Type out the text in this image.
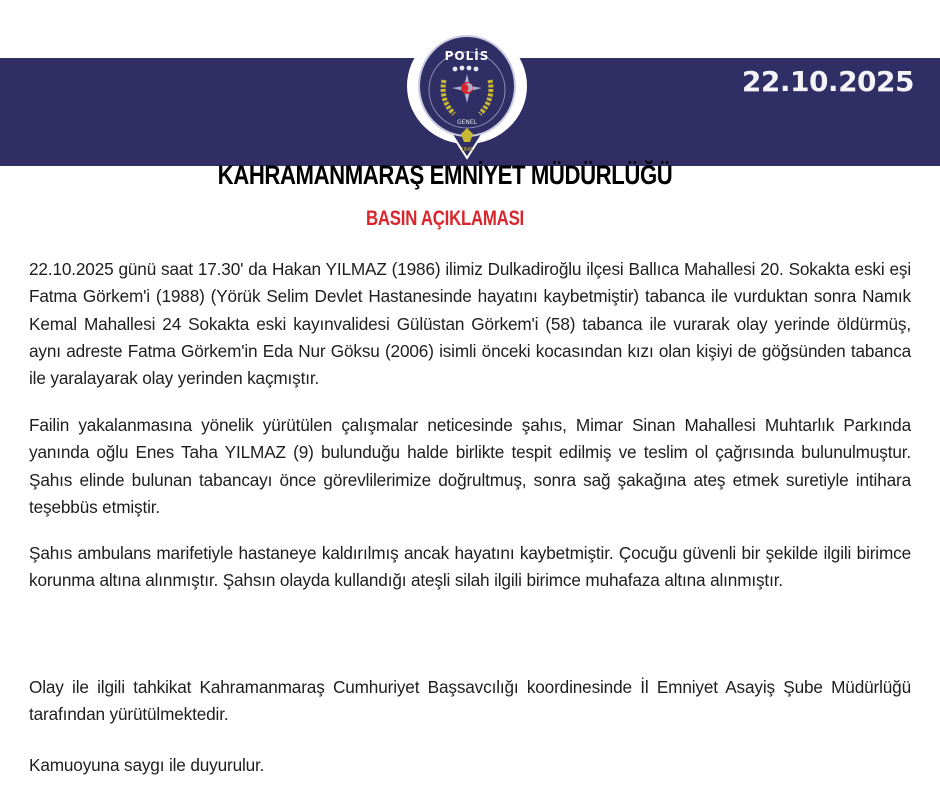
22.10.2025
POLİS
GENEL
1845
KAHRAMANMARAŞ EMNİYET MÜDÜRLÜĞÜ
BASIN AÇIKLAMASI

22.10.2025 günü saat 17.30' da Hakan YILMAZ (1986) ilimiz Dulkadiroğlu ilçesi Ballıca Mahallesi 20. Sokakta eski eşi Fatma Görkem'i (1988) (Yörük Selim Devlet Hastanesinde hayatını kaybetmiştir) tabanca ile vurduktan sonra Namık Kemal Mahallesi 24 Sokakta eski kayınvalidesi Gülüstan Görkem'i (58) tabanca ile vurarak olay yerinde öldürmüş, aynı adreste Fatma Görkem'in Eda Nur Göksu (2006) isimli önceki kocasından kızı olan kişiyi de göğsünden tabanca ile yaralayarak olay yerinden kaçmıştır.

Failin yakalanmasına yönelik yürütülen çalışmalar neticesinde şahıs, Mimar Sinan Mahallesi Muhtarlık Parkında yanında oğlu Enes Taha YILMAZ (9) bulunduğu halde birlikte tespit edilmiş ve teslim ol çağrısında bulunulmuştur. Şahıs elinde bulunan tabancayı önce görevlilerimize doğrultmuş, sonra sağ şakağına ateş etmek suretiyle intihara teşebbüs etmiştir.

Şahıs ambulans marifetiyle hastaneye kaldırılmış ancak hayatını kaybetmiştir. Çocuğu güvenli bir şekilde ilgili birimce korunma altına alınmıştır. Şahsın olayda kullandığı ateşli silah ilgili birimce muhafaza altına alınmıştır.

Olay ile ilgili tahkikat Kahramanmaraş Cumhuriyet Başsavcılığı koordinesinde İl Emniyet Asayiş Şube Müdürlüğü tarafından yürütülmektedir.

Kamuoyuna saygı ile duyurulur.
